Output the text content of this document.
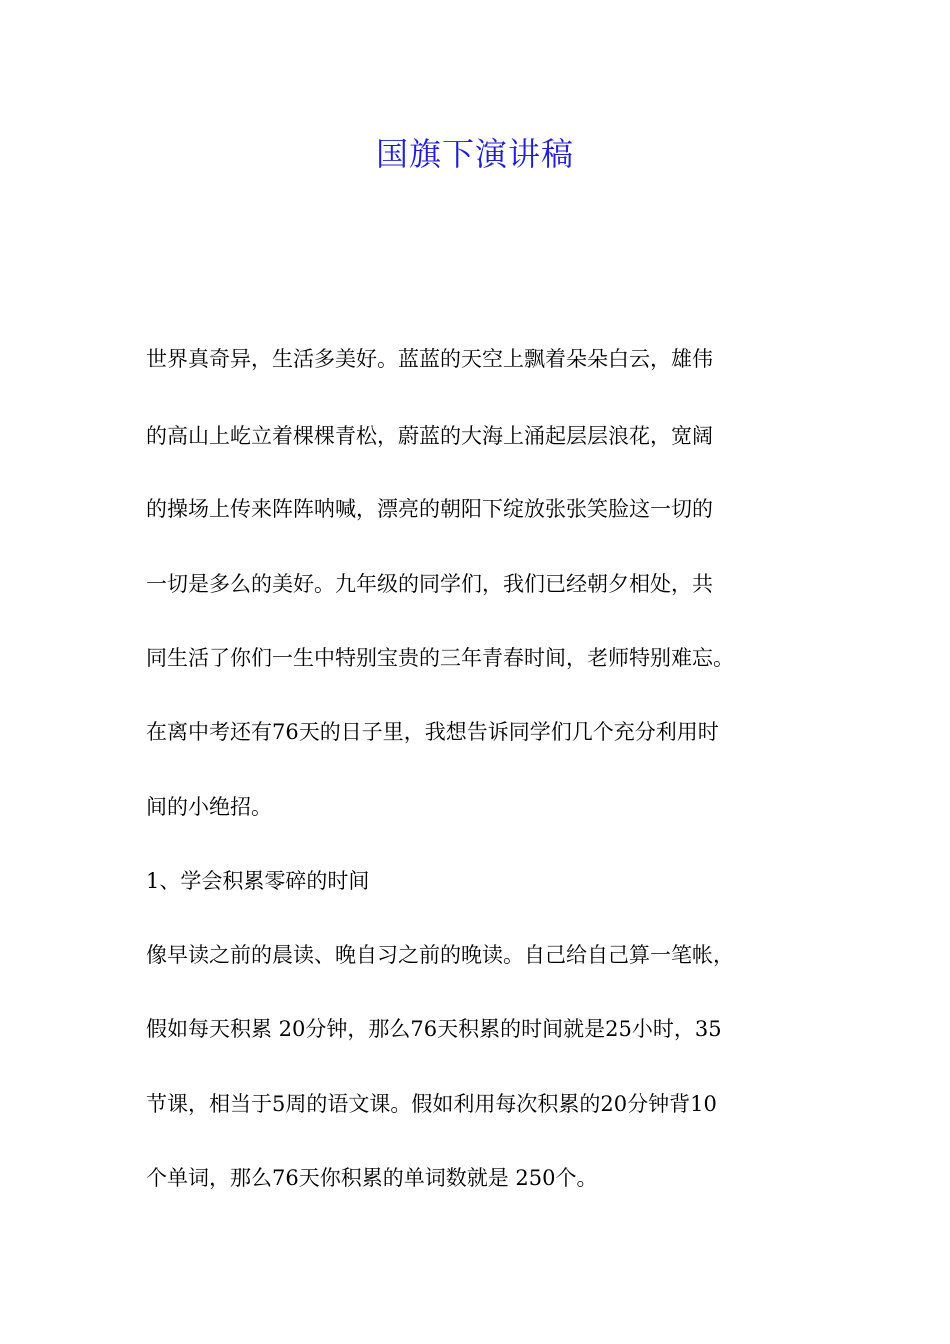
国旗下演讲稿
世界真奇异，生活多美好。蓝蓝的天空上飘着朵朵白云，雄伟
的高山上屹立着棵棵青松，蔚蓝的大海上涌起层层浪花，宽阔
的操场上传来阵阵呐喊，漂亮的朝阳下绽放张张笑脸这一切的
一切是多么的美好。九年级的同学们，我们已经朝夕相处，共
同生活了你们一生中特别宝贵的三年青春时间，老师特别难忘。
在离中考还有76天的日子里，我想告诉同学们几个充分利用时
间的小绝招。
1、学会积累零碎的时间
像早读之前的晨读、晚自习之前的晚读。自己给自己算一笔帐，
假如每天积累 20分钟，那么76天积累的时间就是25小时，35
节课，相当于5周的语文课。假如利用每次积累的20分钟背10
个单词，那么76天你积累的单词数就是 250个。
